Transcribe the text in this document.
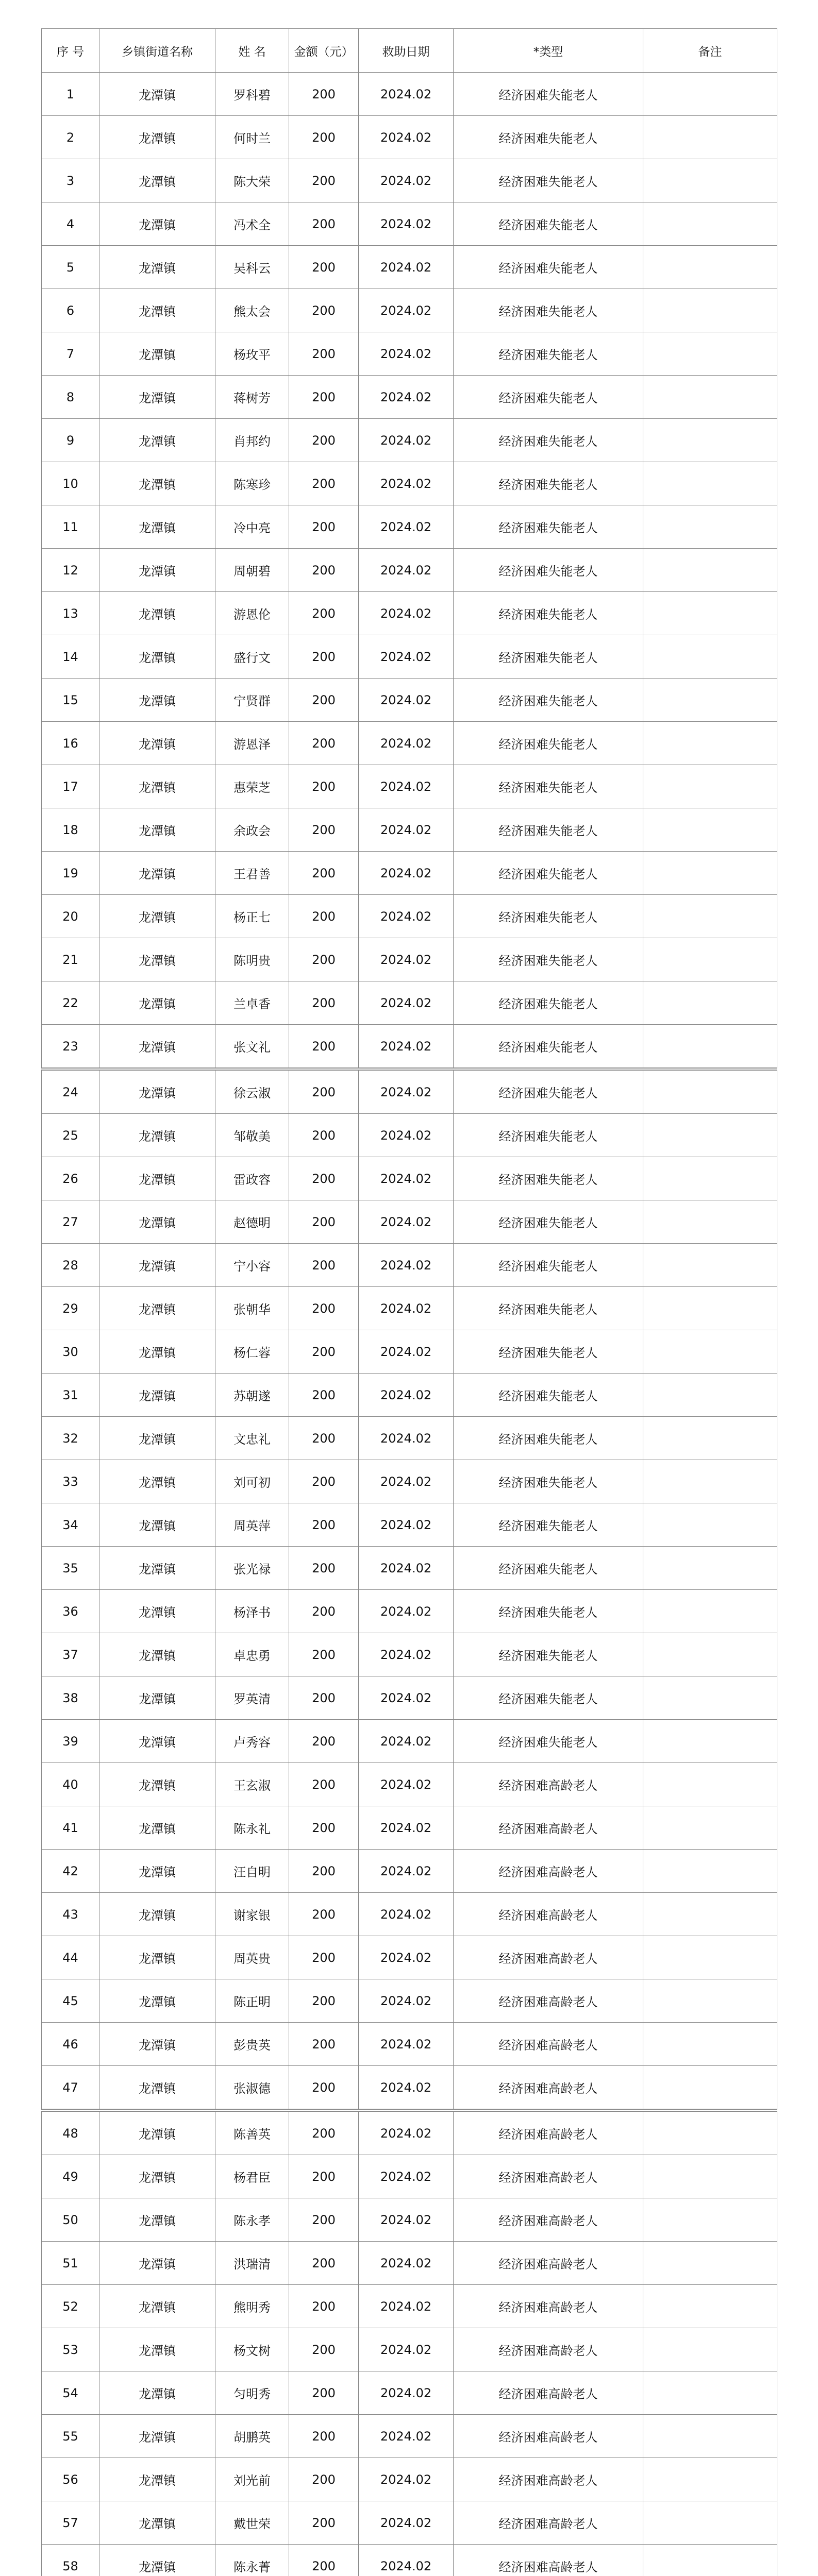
序 号	乡镇街道名称	姓 名	金额（元）	救助日期	*类型	备注
1	龙潭镇	罗科碧	200	2024.02	经济困难失能老人	
2	龙潭镇	何时兰	200	2024.02	经济困难失能老人	
3	龙潭镇	陈大荣	200	2024.02	经济困难失能老人	
4	龙潭镇	冯术全	200	2024.02	经济困难失能老人	
5	龙潭镇	吴科云	200	2024.02	经济困难失能老人	
6	龙潭镇	熊太会	200	2024.02	经济困难失能老人	
7	龙潭镇	杨玫平	200	2024.02	经济困难失能老人	
8	龙潭镇	蒋树芳	200	2024.02	经济困难失能老人	
9	龙潭镇	肖邦约	200	2024.02	经济困难失能老人	
10	龙潭镇	陈寒珍	200	2024.02	经济困难失能老人	
11	龙潭镇	冷中亮	200	2024.02	经济困难失能老人	
12	龙潭镇	周朝碧	200	2024.02	经济困难失能老人	
13	龙潭镇	游恩伦	200	2024.02	经济困难失能老人	
14	龙潭镇	盛行文	200	2024.02	经济困难失能老人	
15	龙潭镇	宁贤群	200	2024.02	经济困难失能老人	
16	龙潭镇	游恩泽	200	2024.02	经济困难失能老人	
17	龙潭镇	惠荣芝	200	2024.02	经济困难失能老人	
18	龙潭镇	余政会	200	2024.02	经济困难失能老人	
19	龙潭镇	王君善	200	2024.02	经济困难失能老人	
20	龙潭镇	杨正七	200	2024.02	经济困难失能老人	
21	龙潭镇	陈明贵	200	2024.02	经济困难失能老人	
22	龙潭镇	兰卓香	200	2024.02	经济困难失能老人	
23	龙潭镇	张文礼	200	2024.02	经济困难失能老人	
24	龙潭镇	徐云淑	200	2024.02	经济困难失能老人	
25	龙潭镇	邹敬美	200	2024.02	经济困难失能老人	
26	龙潭镇	雷政容	200	2024.02	经济困难失能老人	
27	龙潭镇	赵德明	200	2024.02	经济困难失能老人	
28	龙潭镇	宁小容	200	2024.02	经济困难失能老人	
29	龙潭镇	张朝华	200	2024.02	经济困难失能老人	
30	龙潭镇	杨仁蓉	200	2024.02	经济困难失能老人	
31	龙潭镇	苏朝遂	200	2024.02	经济困难失能老人	
32	龙潭镇	文忠礼	200	2024.02	经济困难失能老人	
33	龙潭镇	刘可初	200	2024.02	经济困难失能老人	
34	龙潭镇	周英萍	200	2024.02	经济困难失能老人	
35	龙潭镇	张光禄	200	2024.02	经济困难失能老人	
36	龙潭镇	杨泽书	200	2024.02	经济困难失能老人	
37	龙潭镇	卓忠勇	200	2024.02	经济困难失能老人	
38	龙潭镇	罗英清	200	2024.02	经济困难失能老人	
39	龙潭镇	卢秀容	200	2024.02	经济困难失能老人	
40	龙潭镇	王玄淑	200	2024.02	经济困难高龄老人	
41	龙潭镇	陈永礼	200	2024.02	经济困难高龄老人	
42	龙潭镇	汪自明	200	2024.02	经济困难高龄老人	
43	龙潭镇	谢家银	200	2024.02	经济困难高龄老人	
44	龙潭镇	周英贵	200	2024.02	经济困难高龄老人	
45	龙潭镇	陈正明	200	2024.02	经济困难高龄老人	
46	龙潭镇	彭贵英	200	2024.02	经济困难高龄老人	
47	龙潭镇	张淑德	200	2024.02	经济困难高龄老人	
48	龙潭镇	陈善英	200	2024.02	经济困难高龄老人	
49	龙潭镇	杨君臣	200	2024.02	经济困难高龄老人	
50	龙潭镇	陈永孝	200	2024.02	经济困难高龄老人	
51	龙潭镇	洪瑞清	200	2024.02	经济困难高龄老人	
52	龙潭镇	熊明秀	200	2024.02	经济困难高龄老人	
53	龙潭镇	杨文树	200	2024.02	经济困难高龄老人	
54	龙潭镇	匀明秀	200	2024.02	经济困难高龄老人	
55	龙潭镇	胡鹏英	200	2024.02	经济困难高龄老人	
56	龙潭镇	刘光前	200	2024.02	经济困难高龄老人	
57	龙潭镇	戴世荣	200	2024.02	经济困难高龄老人	
58	龙潭镇	陈永菁	200	2024.02	经济困难高龄老人	
